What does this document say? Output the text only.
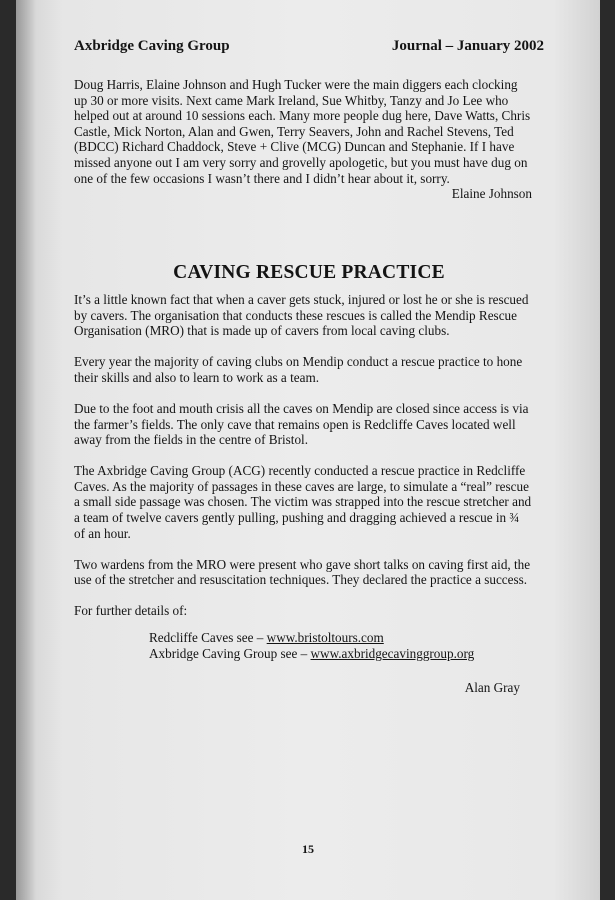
Axbridge Caving Group	Journal – January 2002
Doug Harris, Elaine Johnson and Hugh Tucker were the main diggers each clocking up 30 or more visits. Next came Mark Ireland, Sue Whitby, Tanzy and Jo Lee who helped out at around 10 sessions each. Many more people dug here, Dave Watts, Chris Castle, Mick Norton, Alan and Gwen, Terry Seavers, John and Rachel Stevens, Ted (BDCC) Richard Chaddock, Steve + Clive (MCG) Duncan and Stephanie. If I have missed anyone out I am very sorry and grovelly apologetic, but you must have dug on one of the few occasions I wasn’t there and I didn’t hear about it, sorry.
Elaine Johnson
CAVING RESCUE PRACTICE

It’s a little known fact that when a caver gets stuck, injured or lost he or she is rescued by cavers. The organisation that conducts these rescues is called the Mendip Rescue Organisation (MRO) that is made up of cavers from local caving clubs.

Every year the majority of caving clubs on Mendip conduct a rescue practice to hone their skills and also to learn to work as a team.

Due to the foot and mouth crisis all the caves on Mendip are closed since access is via the farmer’s fields. The only cave that remains open is Redcliffe Caves located well away from the fields in the centre of Bristol.

The Axbridge Caving Group (ACG) recently conducted a rescue practice in Redcliffe Caves. As the majority of passages in these caves are large, to simulate a “real” rescue a small side passage was chosen. The victim was strapped into the rescue stretcher and a team of twelve cavers gently pulling, pushing and dragging achieved a rescue in ¾ of an hour.

Two wardens from the MRO were present who gave short talks on caving first aid, the use of the stretcher and resuscitation techniques. They declared the practice a success.

For further details of:

Redcliffe Caves see – www.bristoltours.com
Axbridge Caving Group see – www.axbridgecavinggroup.org
Alan Gray
15
